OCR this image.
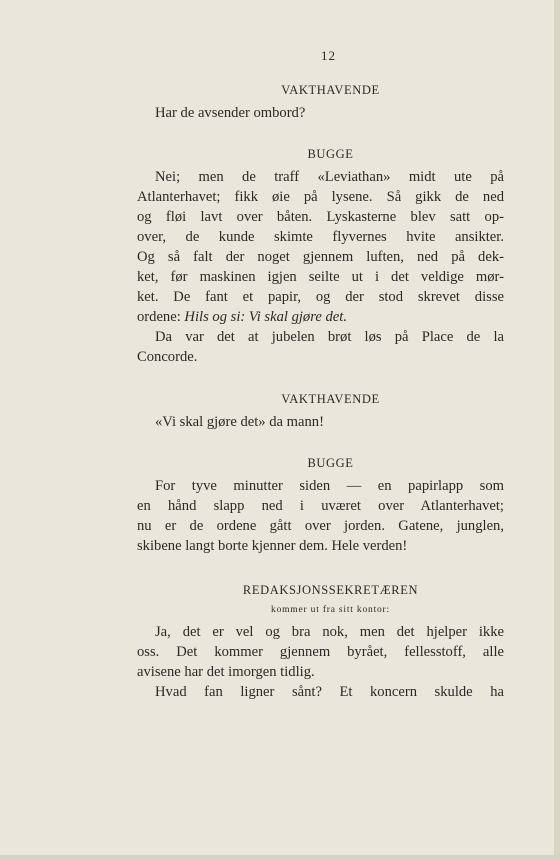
12

VAKTHAVENDE

Har de avsender ombord?

BUGGE

Nei; men de traff «Leviathan» midt ute på
Atlanterhavet; fikk øie på lysene. Så gikk de ned
og fløi lavt over båten. Lyskasterne blev satt op-
over, de kunde skimte flyvernes hvite ansikter.
Og så falt der noget gjennem luften, ned på dek-
ket, før maskinen igjen seilte ut i det veldige mør-
ket. De fant et papir, og der stod skrevet disse
ordene: Hils og si: Vi skal gjøre det.
Da var det at jubelen brøt løs på Place de la
Concorde.

VAKTHAVENDE

«Vi skal gjøre det» da mann!

BUGGE

For tyve minutter siden — en papirlapp som
en hånd slapp ned i uværet over Atlanterhavet;
nu er de ordene gått over jorden. Gatene, junglen,
skibene langt borte kjenner dem. Hele verden!

REDAKSJONSSEKRETÆREN

kommer ut fra sitt kontor:

Ja, det er vel og bra nok, men det hjelper ikke
oss. Det kommer gjennem byrået, fellesstoff, alle
avisene har det imorgen tidlig.
Hvad fan ligner sånt? Et koncern skulde ha
